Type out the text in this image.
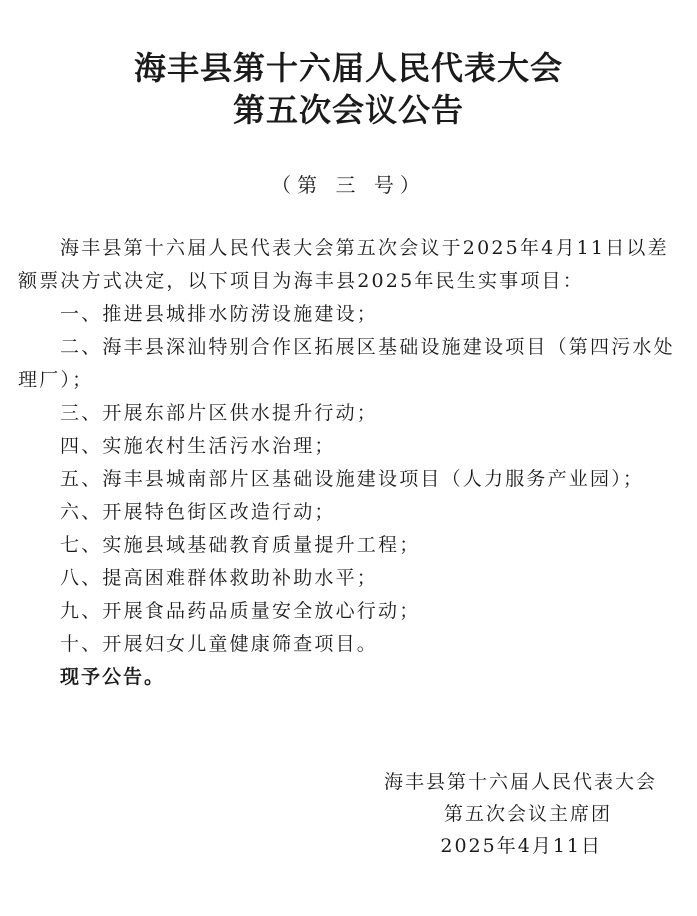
海丰县第十六届人民代表大会
第五次会议公告
（第 三 号）

海丰县第十六届人民代表大会第五次会议于2025年4月11日以差额票决方式决定，以下项目为海丰县2025年民生实事项目：

一、推进县城排水防涝设施建设；

二、海丰县深汕特别合作区拓展区基础设施建设项目（第四污水处理厂）；

三、开展东部片区供水提升行动；

四、实施农村生活污水治理；

五、海丰县城南部片区基础设施建设项目（人力服务产业园）；

六、开展特色街区改造行动；

七、实施县域基础教育质量提升工程；

八、提高困难群体救助补助水平；

九、开展食品药品质量安全放心行动；

十、开展妇女儿童健康筛查项目。

现予公告。

海丰县第十六届人民代表大会
第五次会议主席团
2025年4月11日
